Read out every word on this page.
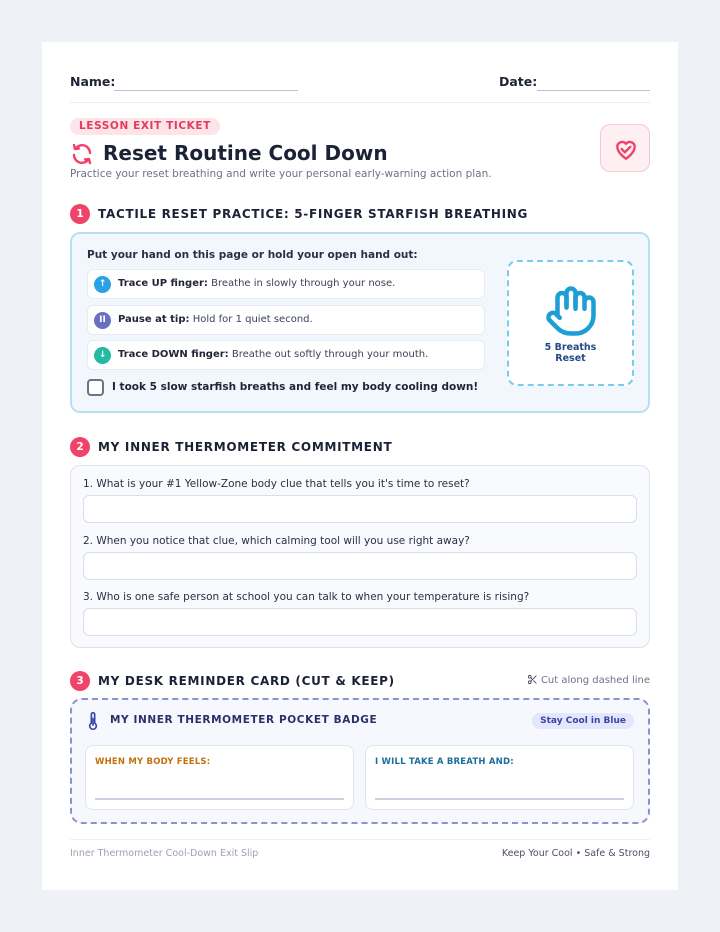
Name:	Date:
LESSON EXIT TICKET
Reset Routine Cool Down
Practice your reset breathing and write your personal early-warning action plan.
1	TACTILE RESET PRACTICE: 5-FINGER STARFISH BREATHING
Put your hand on this page or hold your open hand out:
↑	Trace UP finger: Breathe in slowly through your nose.
II	Pause at tip: Hold for 1 quiet second.
↓	Trace DOWN finger: Breathe out softly through your mouth.
I took 5 slow starfish breaths and feel my body cooling down!
5 Breaths
Reset
2	MY INNER THERMOMETER COMMITMENT
1. What is your #1 Yellow-Zone body clue that tells you it's time to reset?
2. When you notice that clue, which calming tool will you use right away?
3. Who is one safe person at school you can talk to when your temperature is rising?
3	MY DESK REMINDER CARD (CUT & KEEP)	Cut along dashed line
MY INNER THERMOMETER POCKET BADGE	Stay Cool in Blue
WHEN MY BODY FEELS:	I WILL TAKE A BREATH AND:
Inner Thermometer Cool-Down Exit Slip	Keep Your Cool • Safe & Strong
